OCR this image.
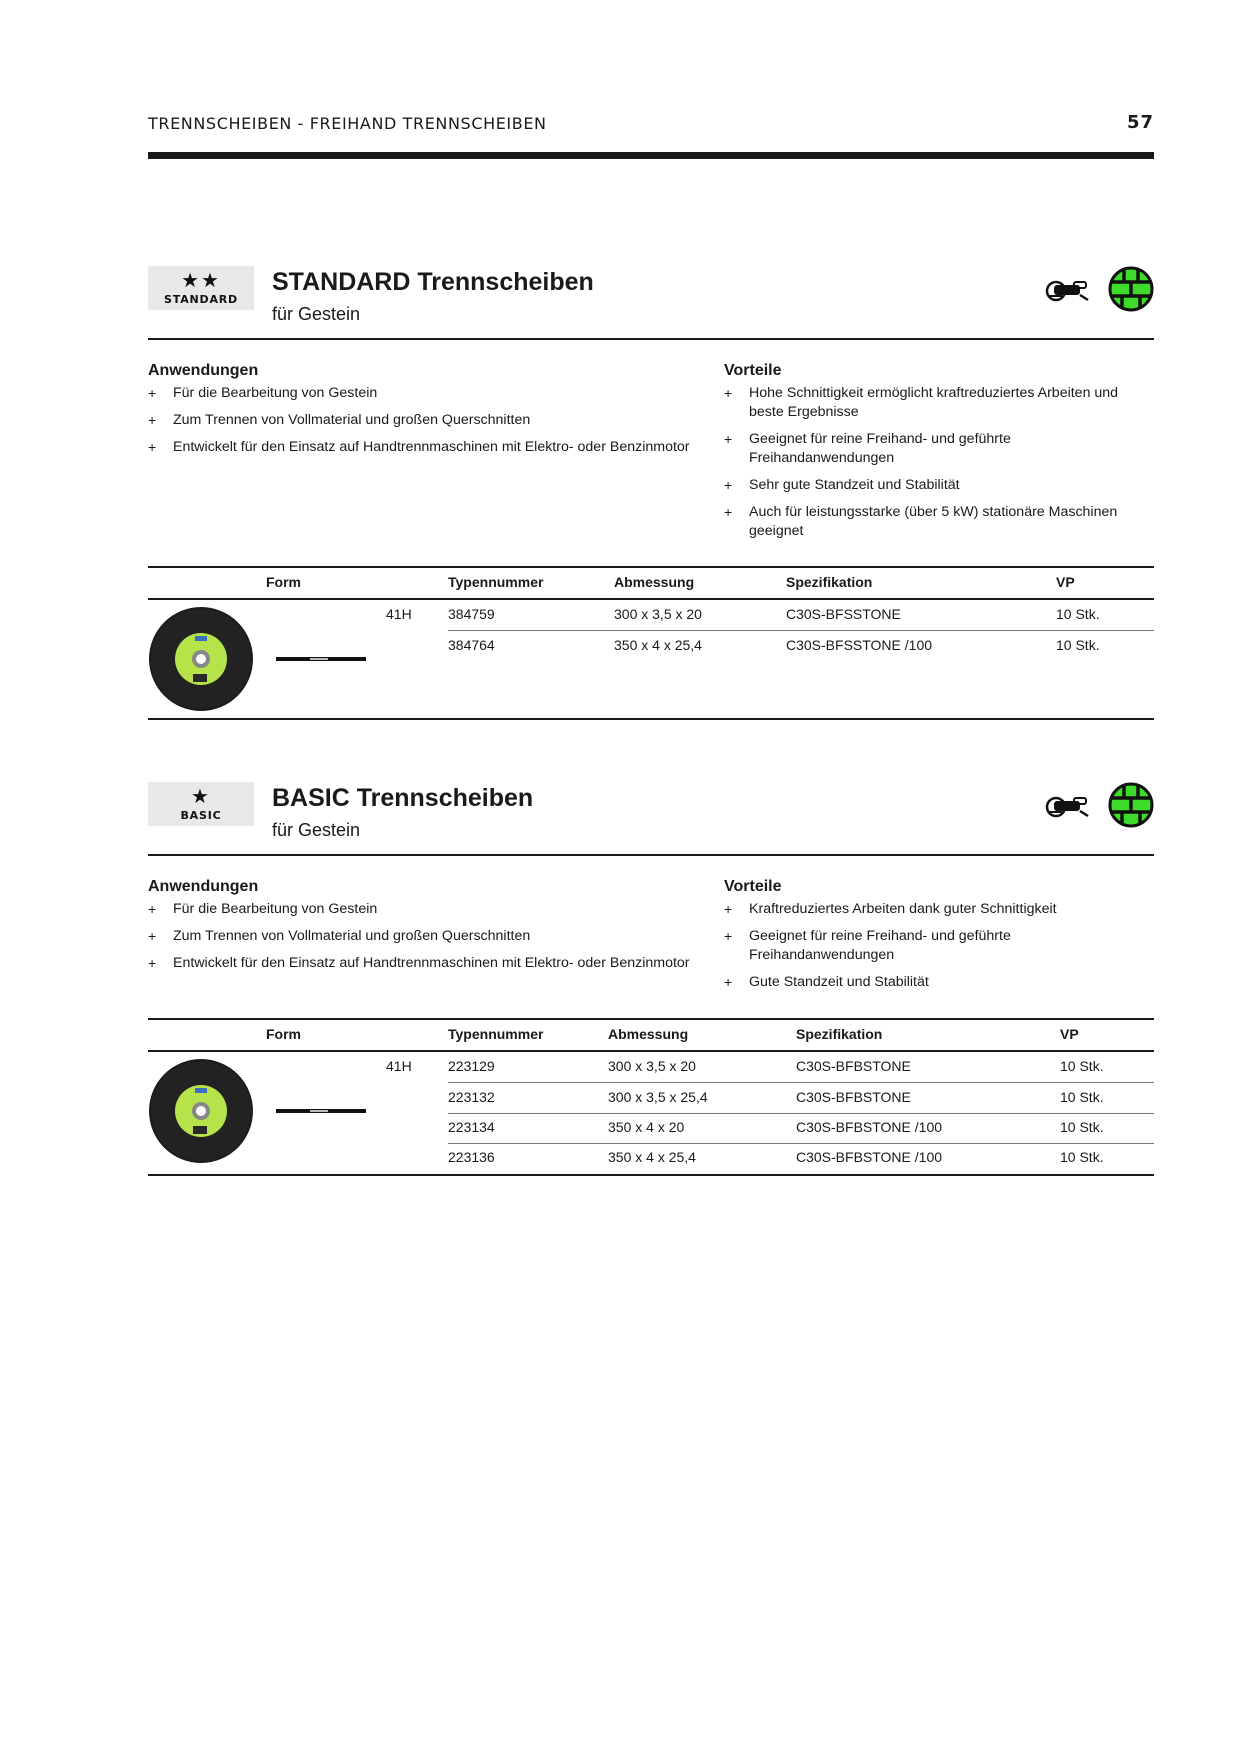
TRENNSCHEIBEN - FREIHAND TRENNSCHEIBEN	57
★★
STANDARD
STANDARD Trennscheiben
für Gestein
Anwendungen
+ Für die Bearbeitung von Gestein
+ Zum Trennen von Vollmaterial und großen Querschnitten
+ Entwickelt für den Einsatz auf Handtrennmaschinen mit Elektro- oder Benzinmotor
Vorteile
+ Hohe Schnittigkeit ermöglicht kraftreduziertes Arbeiten und beste Ergebnisse
+ Geeignet für reine Freihand- und geführte Freihandanwendungen
+ Sehr gute Standzeit und Stabilität
+ Auch für leistungsstarke (über 5 kW) stationäre Maschinen geeignet
Form	Typennummer	Abmessung	Spezifikation	VP
41H	384759	300 x 3,5 x 20	C30S-BFSSTONE	10 Stk.
384764	350 x 4 x 25,4	C30S-BFSSTONE /100	10 Stk.
★
BASIC
BASIC Trennscheiben
für Gestein
Anwendungen
+ Für die Bearbeitung von Gestein
+ Zum Trennen von Vollmaterial und großen Querschnitten
+ Entwickelt für den Einsatz auf Handtrennmaschinen mit Elektro- oder Benzinmotor
Vorteile
+ Kraftreduziertes Arbeiten dank guter Schnittigkeit
+ Geeignet für reine Freihand- und geführte Freihandanwendungen
+ Gute Standzeit und Stabilität
Form	Typennummer	Abmessung	Spezifikation	VP
41H	223129	300 x 3,5 x 20	C30S-BFBSTONE	10 Stk.
223132	300 x 3,5 x 25,4	C30S-BFBSTONE	10 Stk.
223134	350 x 4 x 20	C30S-BFBSTONE /100	10 Stk.
223136	350 x 4 x 25,4	C30S-BFBSTONE /100	10 Stk.
